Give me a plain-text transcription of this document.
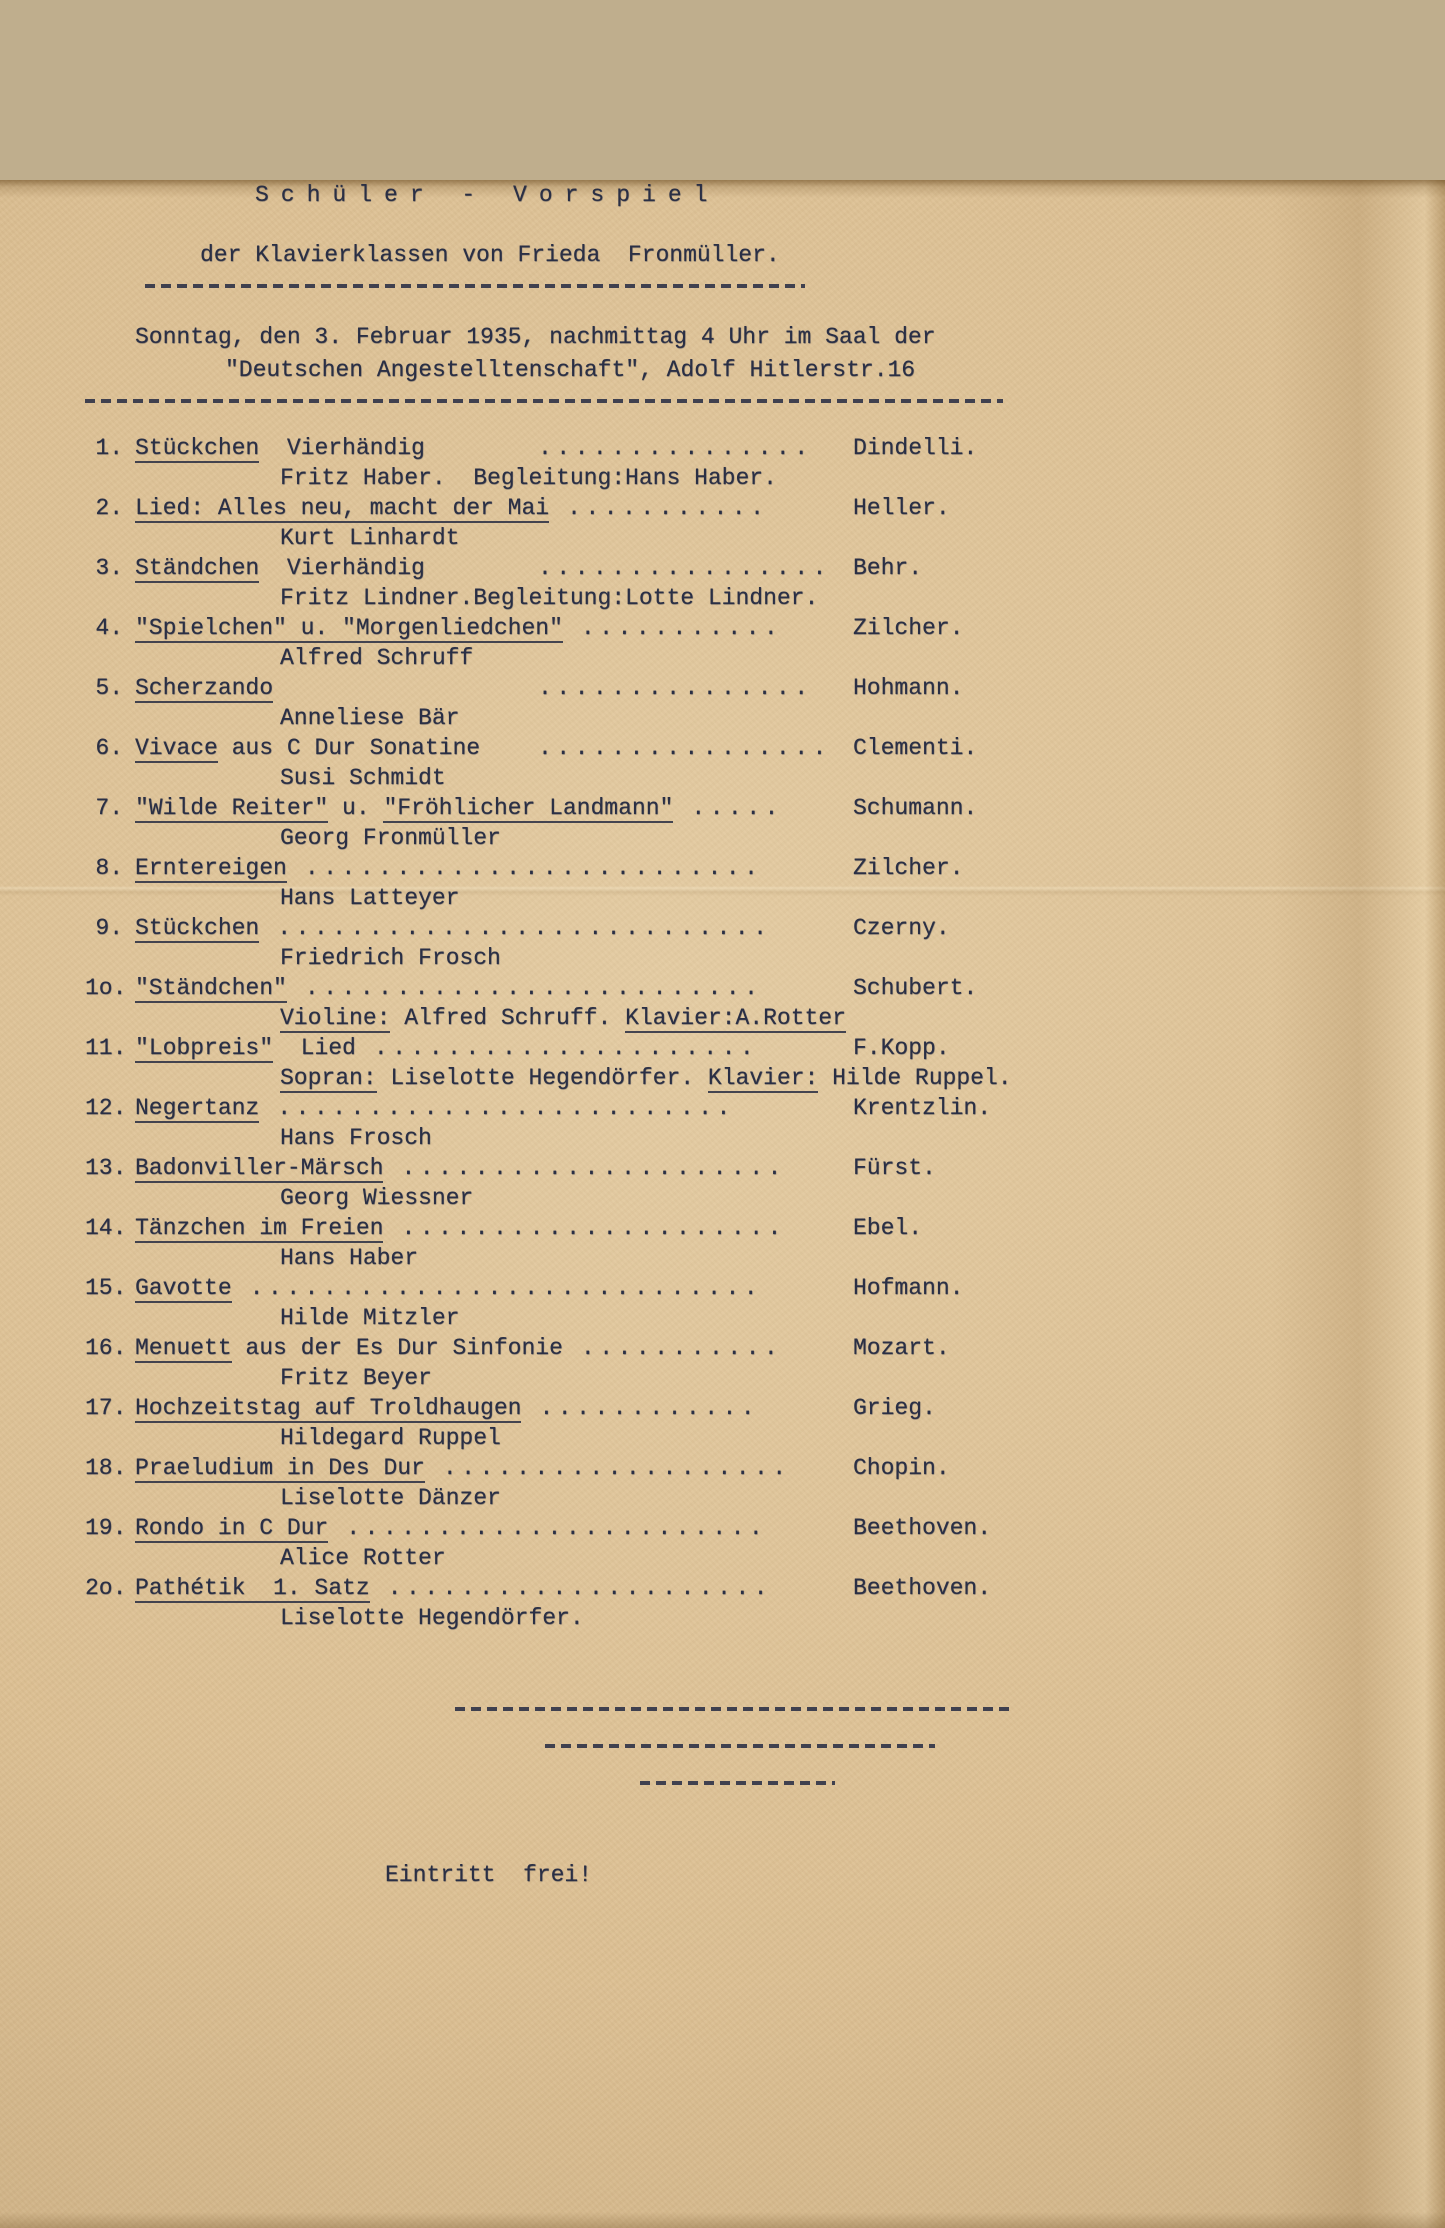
Schüler - Vorspiel
der Klavierklassen von Frieda  Fronmüller.
Sonntag, den 3. Februar 1935, nachmittag 4 Uhr im Saal der
"Deutschen Angestelltenschaft", Adolf Hitlerstr.16
1. Stückchen  Vierhändig	...............	Dindelli.
Fritz Haber.  Begleitung:Hans Haber.
2. Lied: Alles neu, macht der Mai ...........	Heller.
Kurt Linhardt
3. Ständchen  Vierhändig	................ Behr.
Fritz Lindner.Begleitung:Lotte Lindner.
4. "Spielchen" u. "Morgenliedchen" ...........	Zilcher.
Alfred Schruff
5. Scherzando	...............	Hohmann.
Anneliese Bär
6. Vivace aus C Dur Sonatine	................ Clementi.
Susi Schmidt
7. "Wilde Reiter" u. "Fröhlicher Landmann" .....	Schumann.
Georg Fronmüller
8. Erntereigen .........................	Zilcher.
Hans Latteyer
9. Stückchen ...........................	Czerny.
Friedrich Frosch
1o. "Ständchen" .........................	Schubert.
Violine: Alfred Schruff. Klavier:A.Rotter
11. "Lobpreis"  Lied .....................	F.Kopp.
Sopran: Liselotte Hegendörfer. Klavier: Hilde Ruppel.
12. Negertanz .........................	Krentzlin.
Hans Frosch
13. Badonviller-Märsch .....................	Fürst.
Georg Wiessner
14. Tänzchen im Freien .....................	Ebel.
Hans Haber
15. Gavotte ............................	Hofmann.
Hilde Mitzler
16. Menuett aus der Es Dur Sinfonie ...........	Mozart.
Fritz Beyer
17. Hochzeitstag auf Troldhaugen ............	Grieg.
Hildegard Ruppel
18. Praeludium in Des Dur ...................	Chopin.
Liselotte Dänzer
19. Rondo in C Dur .......................	Beethoven.
Alice Rotter
2o. Pathétik  1. Satz .....................	Beethoven.
Liselotte Hegendörfer.
Eintritt  frei!
